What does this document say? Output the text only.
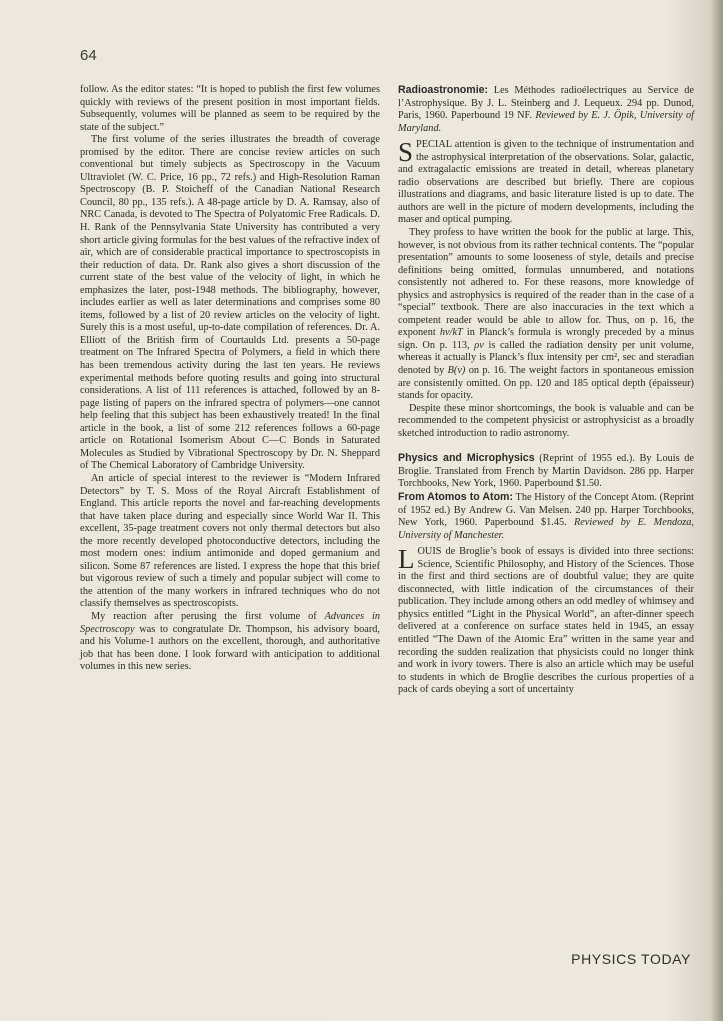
64

follow. As the editor states: “It is hoped to publish the first few volumes quickly with reviews of the present position in most important fields. Subsequently, volumes will be planned as seem to be required by the state of the subject.”

The first volume of the series illustrates the breadth of coverage promised by the editor. There are concise review articles on such conventional but timely subjects as Spectroscopy in the Vacuum Ultraviolet (W. C. Price, 16 pp., 72 refs.) and High-Resolution Raman Spectroscopy (B. P. Stoicheff of the Canadian National Research Council, 80 pp., 135 refs.). A 48-page article by D. A. Ramsay, also of NRC Canada, is devoted to The Spectra of Polyatomic Free Radicals. D. H. Rank of the Pennsylvania State University has contributed a very short article giving formulas for the best values of the refractive index of air, which are of considerable practical importance to spectroscopists in their reduction of data. Dr. Rank also gives a short discussion of the current state of the best value of the velocity of light, in which he emphasizes the later, post-1948 methods. The bibliography, however, includes earlier as well as later determinations and comprises some 80 items, followed by a list of 20 review articles on the velocity of light. Surely this is a most useful, up-to-date compilation of references. Dr. A. Elliott of the British firm of Courtaulds Ltd. presents a 50-page treatment on The Infrared Spectra of Polymers, a field in which there has been tremendous activity during the last ten years. He reviews experimental methods before quoting results and going into structural considerations. A list of 111 references is attached, followed by an 8-page listing of papers on the infrared spectra of polymers—one cannot help feeling that this subject has been exhaustively treated! In the final article in the book, a list of some 212 references follows a 60-page article on Rotational Isomerism About C—C Bonds in Saturated Molecules as Studied by Vibrational Spectroscopy by Dr. N. Sheppard of The Chemical Laboratory of Cambridge University.

An article of special interest to the reviewer is “Modern Infrared Detectors” by T. S. Moss of the Royal Aircraft Establishment of England. This article reports the novel and far-reaching developments that have taken place during and especially since World War II. This excellent, 35-page treatment covers not only thermal detectors but also the more recently developed photoconductive detectors, including the most modern ones: indium antimonide and doped germanium and silicon. Some 87 references are listed. I express the hope that this brief but vigorous review of such a timely and popular subject will come to the attention of the many workers in infrared techniques who do not classify themselves as spectroscopists.

My reaction after perusing the first volume of Advances in Spectroscopy was to congratulate Dr. Thompson, his advisory board, and his Volume-1 authors on the excellent, thorough, and authoritative job that has been done. I look forward with anticipation to additional volumes in this new series.

Radioastronomie: Les Méthodes radioélectriques au Service de l’Astrophysique. By J. L. Steinberg and J. Lequeux. 294 pp. Dunod, Paris, 1960. Paperbound 19 NF. Reviewed by E. J. Öpik, University of Maryland.

SPECIAL attention is given to the technique of instrumentation and the astrophysical interpretation of the observations. Solar, galactic, and extragalactic emissions are treated in detail, whereas planetary radio observations are described but briefly. There are copious illustrations and diagrams, and basic literature listed is up to date. The authors are well in the picture of modern developments, including the maser and optical pumping.

They profess to have written the book for the public at large. This, however, is not obvious from its rather technical contents. The “popular presentation” amounts to some looseness of style, details and precise definitions being omitted, formulas unnumbered, and notations consistently not adhered to. For these reasons, more knowledge of physics and astrophysics is required of the reader than in the case of a “special” textbook. There are also inaccuracies in the text which a competent reader would be able to allow for. Thus, on p. 16, the exponent hν/kT in Planck’s formula is wrongly preceded by a minus sign. On p. 113, ρν is called the radiation density per unit volume, whereas it actually is Planck’s flux intensity per cm², sec and steradian denoted by B(ν) on p. 16. The weight factors in spontaneous emission are consistently omitted. On pp. 120 and 185 optical depth (épaisseur) stands for opacity.

Despite these minor shortcomings, the book is valuable and can be recommended to the competent physicist or astrophysicist as a broadly sketched introduction to radio astronomy.

Physics and Microphysics (Reprint of 1955 ed.). By Louis de Broglie. Translated from French by Martin Davidson. 286 pp. Harper Torchbooks, New York, 1960. Paperbound $1.50.

From Atomos to Atom: The History of the Concept Atom. (Reprint of 1952 ed.) By Andrew G. Van Melsen. 240 pp. Harper Torchbooks, New York, 1960. Paperbound $1.45. Reviewed by E. Mendoza, University of Manchester.

LOUIS de Broglie’s book of essays is divided into three sections: Science, Scientific Philosophy, and History of the Sciences. Those in the first and third sections are of doubtful value; they are quite disconnected, with little indication of the circumstances of their publication. They include among others an odd medley of whimsey and physics entitled “Light in the Physical World”, an after-dinner speech delivered at a conference on surface states held in 1945, an essay entitled “The Dawn of the Atomic Era” written in the same year and recording the sudden realization that physicists could no longer think and work in ivory towers. There is also an article which may be useful to students in which de Broglie describes the curious properties of a pack of cards obeying a sort of uncertainty

PHYSICS TODAY
